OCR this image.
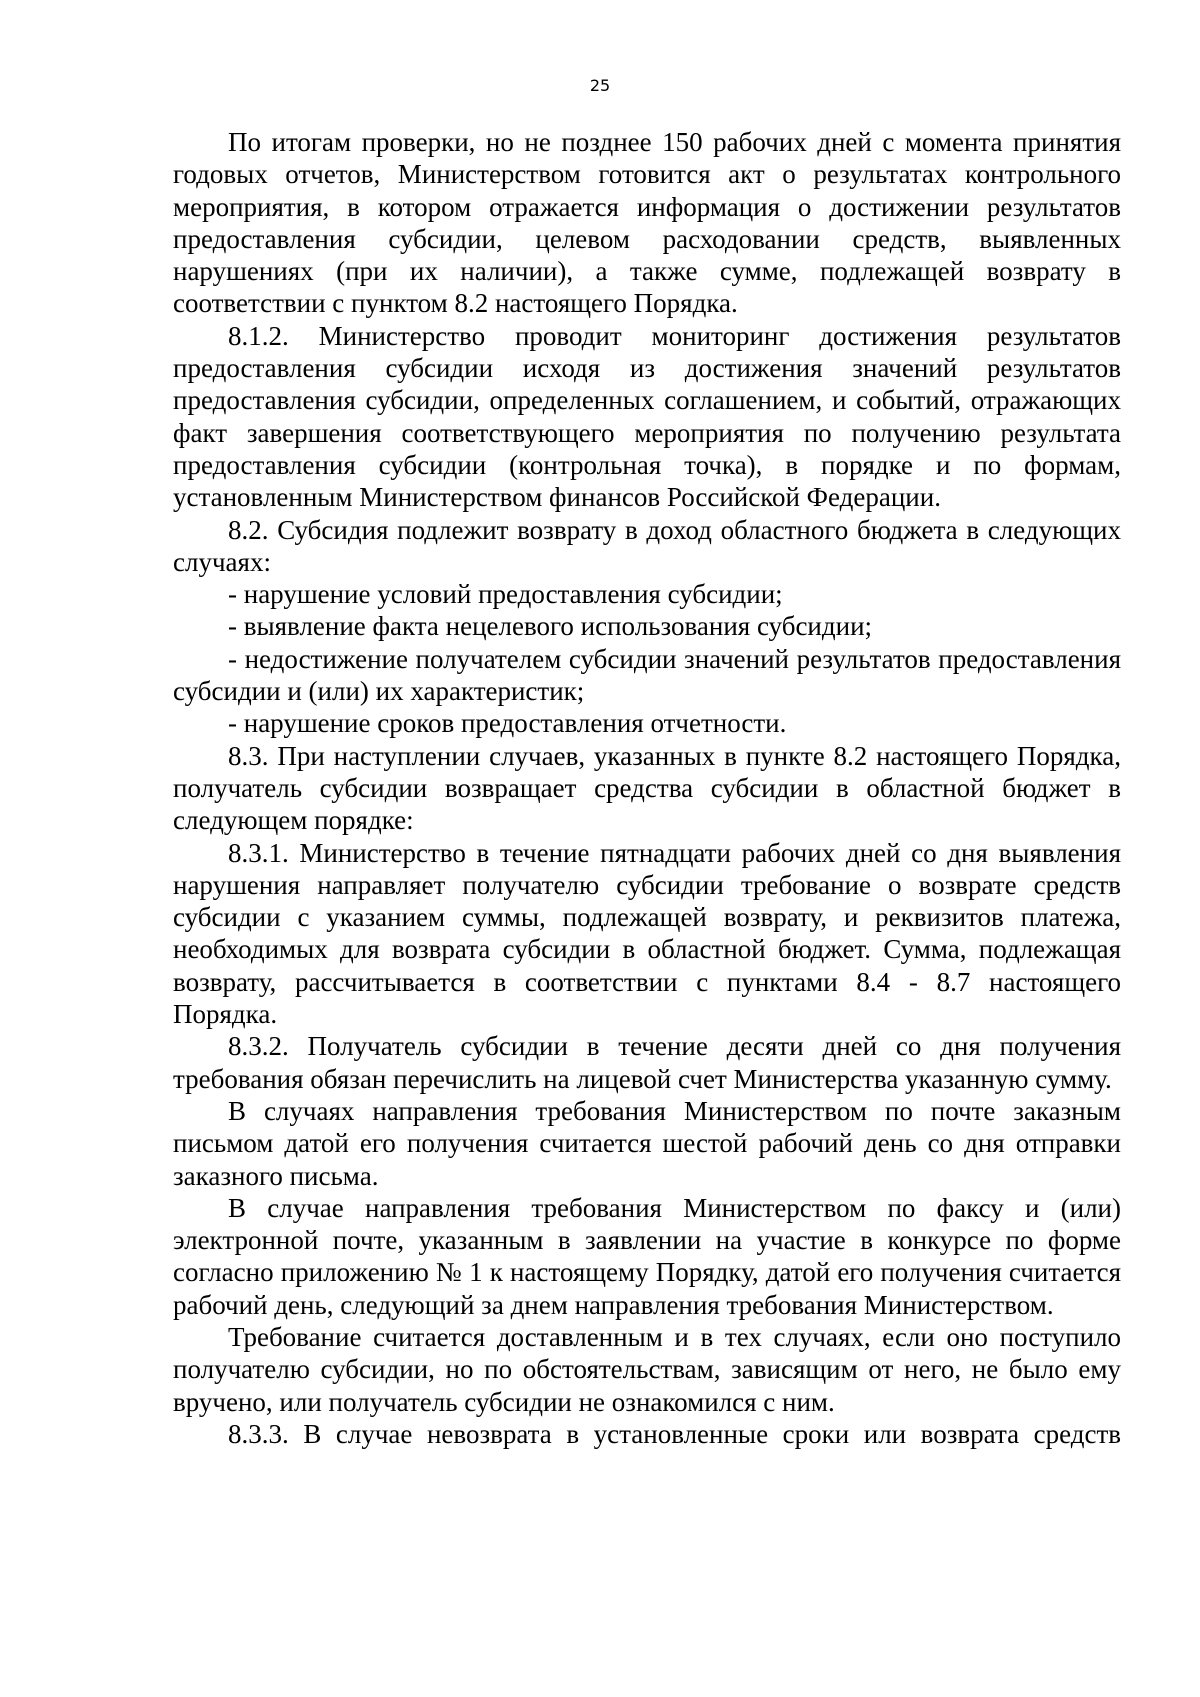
25

По итогам проверки, но не позднее 150 рабочих дней с момента принятия годовых отчетов, Министерством готовится акт о результатах контрольного мероприятия, в котором отражается информация о достижении результатов предоставления субсидии, целевом расходовании средств, выявленных нарушениях (при их наличии), а также сумме, подлежащей возврату в соответствии с пунктом 8.2 настоящего Порядка.

8.1.2. Министерство проводит мониторинг достижения результатов предоставления субсидии исходя из достижения значений результатов предоставления субсидии, определенных соглашением, и событий, отражающих факт завершения соответствующего мероприятия по получению результата предоставления субсидии (контрольная точка), в порядке и по формам, установленным Министерством финансов Российской Федерации.

8.2. Субсидия подлежит возврату в доход областного бюджета в следующих случаях:

- нарушение условий предоставления субсидии;

- выявление факта нецелевого использования субсидии;

- недостижение получателем субсидии значений результатов предоставления субсидии и (или) их характеристик;

- нарушение сроков предоставления отчетности.

8.3. При наступлении случаев, указанных в пункте 8.2 настоящего Порядка, получатель субсидии возвращает средства субсидии в областной бюджет в следующем порядке:

8.3.1. Министерство в течение пятнадцати рабочих дней со дня выявления нарушения направляет получателю субсидии требование о возврате средств субсидии с указанием суммы, подлежащей возврату, и реквизитов платежа, необходимых для возврата субсидии в областной бюджет. Сумма, подлежащая возврату, рассчитывается в соответствии с пунктами 8.4 - 8.7 настоящего Порядка.

8.3.2. Получатель субсидии в течение десяти дней со дня получения требования обязан перечислить на лицевой счет Министерства указанную сумму.

В случаях направления требования Министерством по почте заказным письмом датой его получения считается шестой рабочий день со дня отправки заказного письма.

В случае направления требования Министерством по факсу и (или) электронной почте, указанным в заявлении на участие в конкурсе по форме согласно приложению № 1 к настоящему Порядку, датой его получения считается рабочий день, следующий за днем направления требования Министерством.

Требование считается доставленным и в тех случаях, если оно поступило получателю субсидии, но по обстоятельствам, зависящим от него, не было ему вручено, или получатель субсидии не ознакомился с ним.

8.3.3. В случае невозврата в установленные сроки или возврата средств
